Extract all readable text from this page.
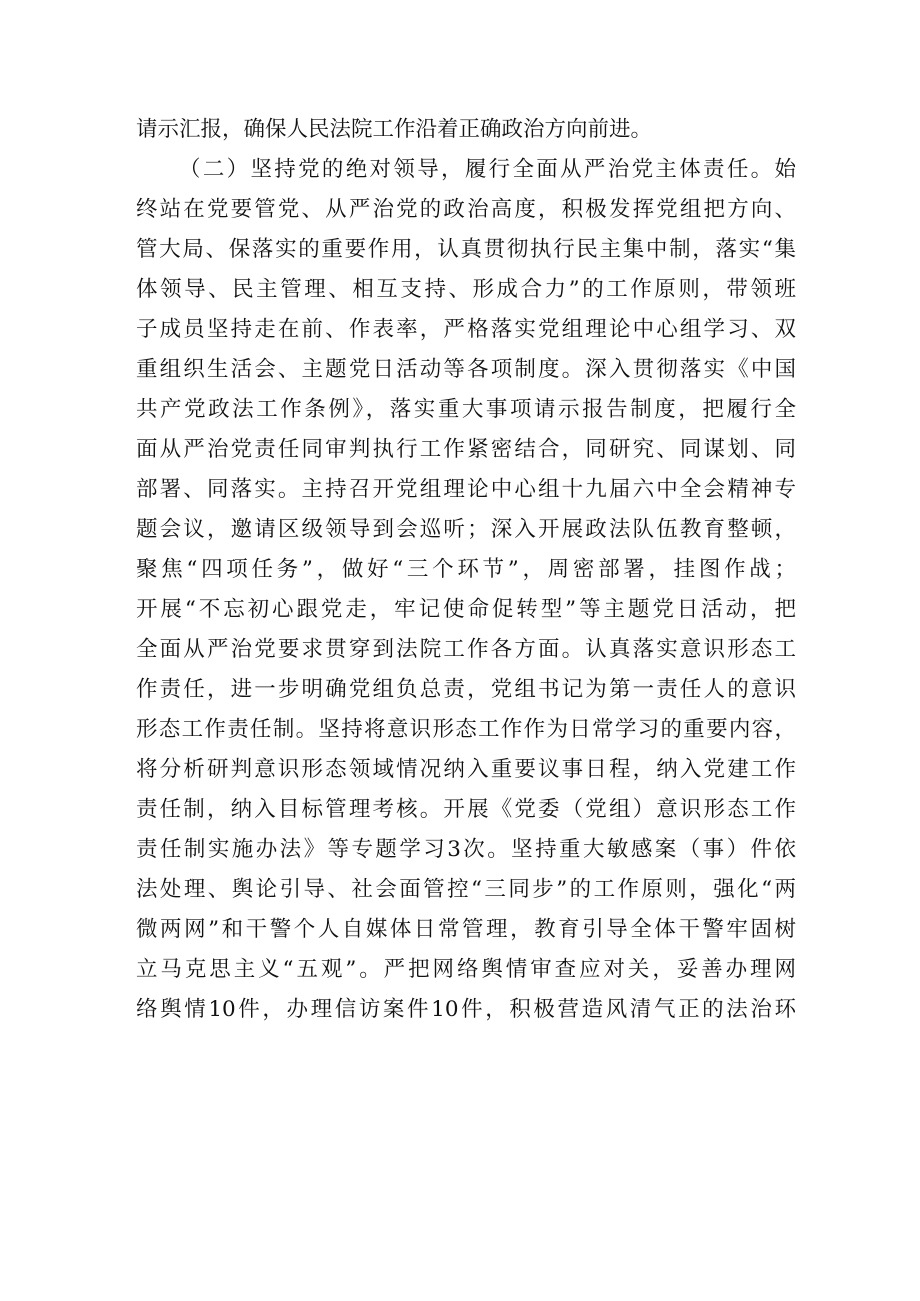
请示汇报，确保人民法院工作沿着正确政治方向前进。
（二）坚持党的绝对领导，履行全面从严治党主体责任。始
终站在党要管党、从严治党的政治高度，积极发挥党组把方向、
管大局、保落实的重要作用，认真贯彻执行民主集中制，落实“集
体领导、民主管理、相互支持、形成合力”的工作原则，带领班
子成员坚持走在前、作表率，严格落实党组理论中心组学习、双
重组织生活会、主题党日活动等各项制度。深入贯彻落实《中国
共产党政法工作条例》，落实重大事项请示报告制度，把履行全
面从严治党责任同审判执行工作紧密结合，同研究、同谋划、同
部署、同落实。主持召开党组理论中心组十九届六中全会精神专
题会议，邀请区级领导到会巡听；深入开展政法队伍教育整顿，
聚焦“四项任务”，做好“三个环节”，周密部署，挂图作战；
开展“不忘初心跟党走，牢记使命促转型”等主题党日活动，把
全面从严治党要求贯穿到法院工作各方面。认真落实意识形态工
作责任，进一步明确党组负总责，党组书记为第一责任人的意识
形态工作责任制。坚持将意识形态工作作为日常学习的重要内容，
将分析研判意识形态领域情况纳入重要议事日程，纳入党建工作
责任制，纳入目标管理考核。开展《党委（党组）意识形态工作
责任制实施办法》等专题学习3次。坚持重大敏感案（事）件依
法处理、舆论引导、社会面管控“三同步”的工作原则，强化“两
微两网”和干警个人自媒体日常管理，教育引导全体干警牢固树
立马克思主义“五观”。严把网络舆情审查应对关，妥善办理网
络舆情10件，办理信访案件10件，积极营造风清气正的法治环
